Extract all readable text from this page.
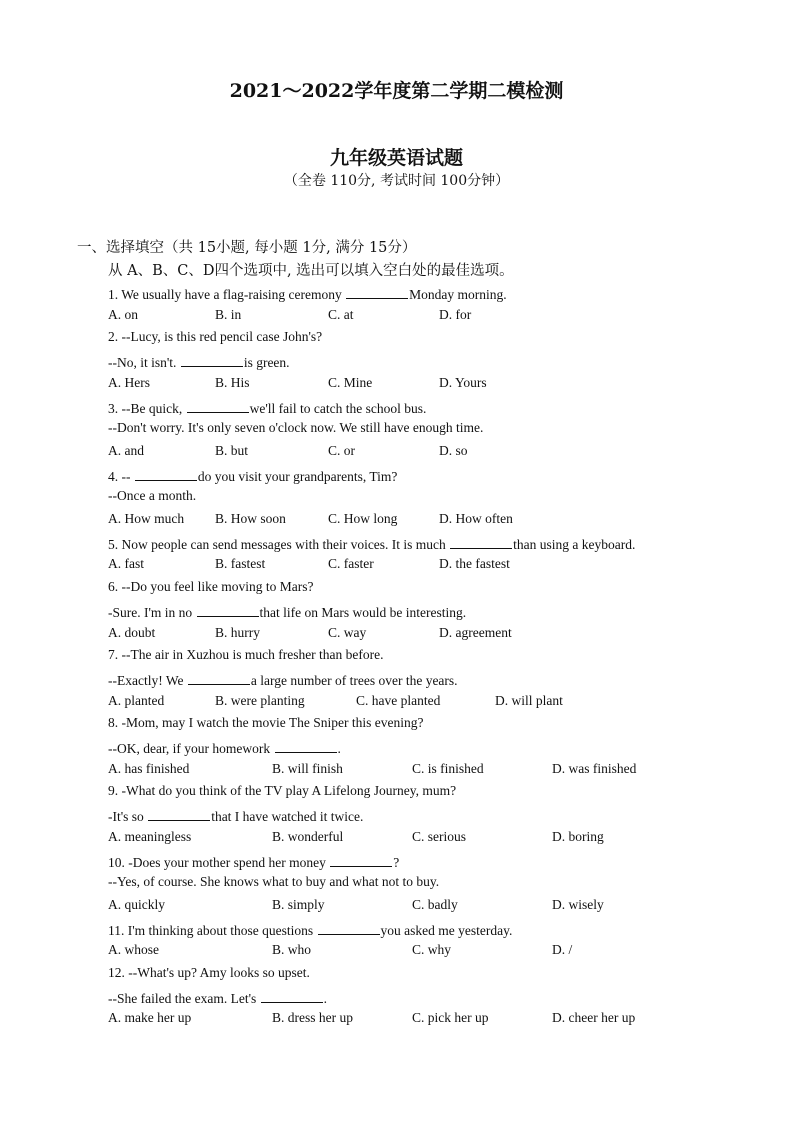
2021～2022学年度第二学期二模检测
九年级英语试题
（全卷 110分, 考试时间 100分钟）
一、选择填空（共 15小题, 每小题 1分, 满分 15分）
从 A、B、C、D四个选项中, 选出可以填入空白处的最佳选项。
1. We usually have a flag-raising ceremony	Monday morning.
A. on	B. in	C. at	D. for
2. --Lucy, is this red pencil case John's?
--No, it isn't.	is green.
A. Hers	B. His	C. Mine	D. Yours
3. --Be quick,	we'll fail to catch the school bus.
--Don't worry. It's only seven o'clock now. We still have enough time.
A. and	B. but	C. or	D. so
4. --	do you visit your grandparents, Tim?
--Once a month.
A. How much B. How soon	C. How long	D. How often
5. Now people can send messages with their voices. It is much	than using a keyboard.
A. fast	B. fastest	C. faster	D. the fastest
6. --Do you feel like moving to Mars?
-Sure. I'm in no	that life on Mars would be interesting.
A. doubt	B. hurry	C. way	D. agreement
7. --The air in Xuzhou is much fresher than before.
--Exactly! We	a large number of trees over the years.
A. planted	B. were planting	C. have planted	D. will plant
8. -Mom, may I watch the movie The Sniper this evening?
--OK, dear, if your homework	.
A. has finished	B. will finish	C. is finished	D. was finished
9. -What do you think of the TV play A Lifelong Journey, mum?
-It's so	that I have watched it twice.
A. meaningless	B. wonderful	C. serious	D. boring
10. -Does your mother spend her money	?
--Yes, of course. She knows what to buy and what not to buy.
A. quickly	B. simply	C. badly	D. wisely
11. I'm thinking about those questions	you asked me yesterday.
A. whose	B. who	C. why	D. /
12. --What's up? Amy looks so upset.
--She failed the exam. Let's	.
A. make her up	B. dress her up	C. pick her up	D. cheer her up
